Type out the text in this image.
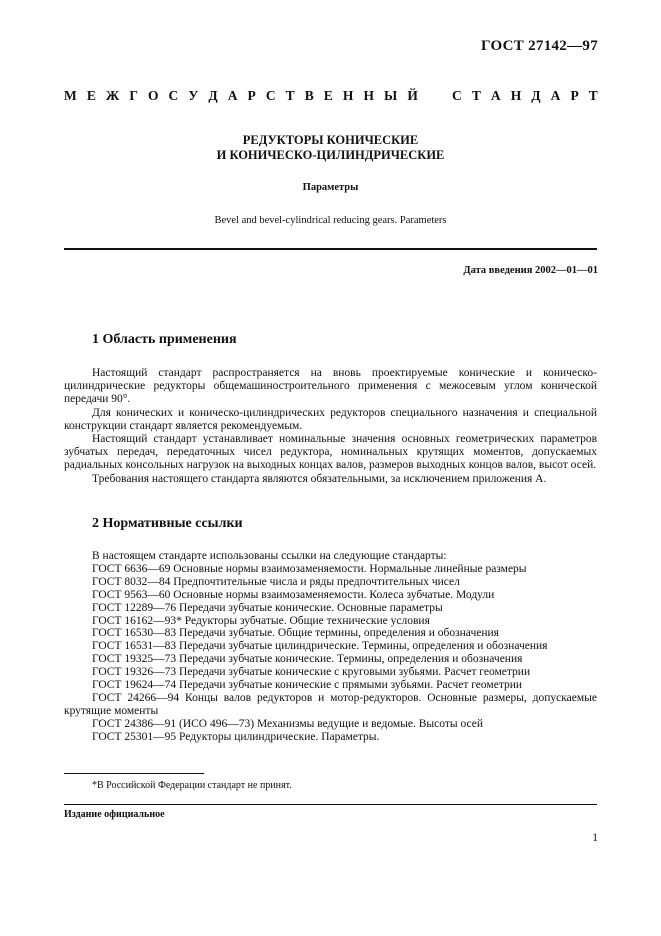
ГОСТ 27142—97
М Е Ж Г О С У Д А Р С Т В Е Н Н Ы Й	С Т А Н Д А Р Т
РЕДУКТОРЫ КОНИЧЕСКИЕ
И КОНИЧЕСКО-ЦИЛИНДРИЧЕСКИЕ
Параметры
Bevel and bevel-cylindrical reducing gears. Parameters
Дата введения 2002—01—01
1 Область применения

Настоящий стандарт распространяется на вновь проектируемые конические и коническо-цилиндрические редукторы общемашиностроительного применения с межосевым углом конической передачи 90°.

Для конических и коническо-цилиндрических редукторов специального назначения и специальной конструкции стандарт является рекомендуемым.

Настоящий стандарт устанавливает номинальные значения основных геометрических параметров зубчатых передач, передаточных чисел редуктора, номинальных крутящих моментов, допускаемых радиальных консольных нагрузок на выходных концах валов, размеров выходных концов валов, высот осей.

Требования настоящего стандарта являются обязательными, за исключением приложения А.

2 Нормативные ссылки
В настоящем стандарте использованы ссылки на следующие стандарты:
ГОСТ 6636—69 Основные нормы взаимозаменяемости. Нормальные линейные размеры
ГОСТ 8032—84 Предпочтительные числа и ряды предпочтительных чисел
ГОСТ 9563—60 Основные нормы взаимозаменяемости. Колеса зубчатые. Модули
ГОСТ 12289—76 Передачи зубчатые конические. Основные параметры
ГОСТ 16162—93* Редукторы зубчатые. Общие технические условия
ГОСТ 16530—83 Передачи зубчатые. Общие термины, определения и обозначения
ГОСТ 16531—83 Передачи зубчатые цилиндрические. Термины, определения и обозначения
ГОСТ 19325—73 Передачи зубчатые конические. Термины, определения и обозначения
ГОСТ 19326—73 Передачи зубчатые конические с круговыми зубьями. Расчет геометрии
ГОСТ 19624—74 Передачи зубчатые конические с прямыми зубьями. Расчет геометрии
ГОСТ 24266—94 Концы валов редукторов и мотор-редукторов. Основные размеры, допускаемые крутящие моменты
ГОСТ 24386—91 (ИСО 496—73) Механизмы ведущие и ведомые. Высоты осей
ГОСТ 25301—95 Редукторы цилиндрические. Параметры.
*В Российской Федерации стандарт не принят.
Издание официальное
1
